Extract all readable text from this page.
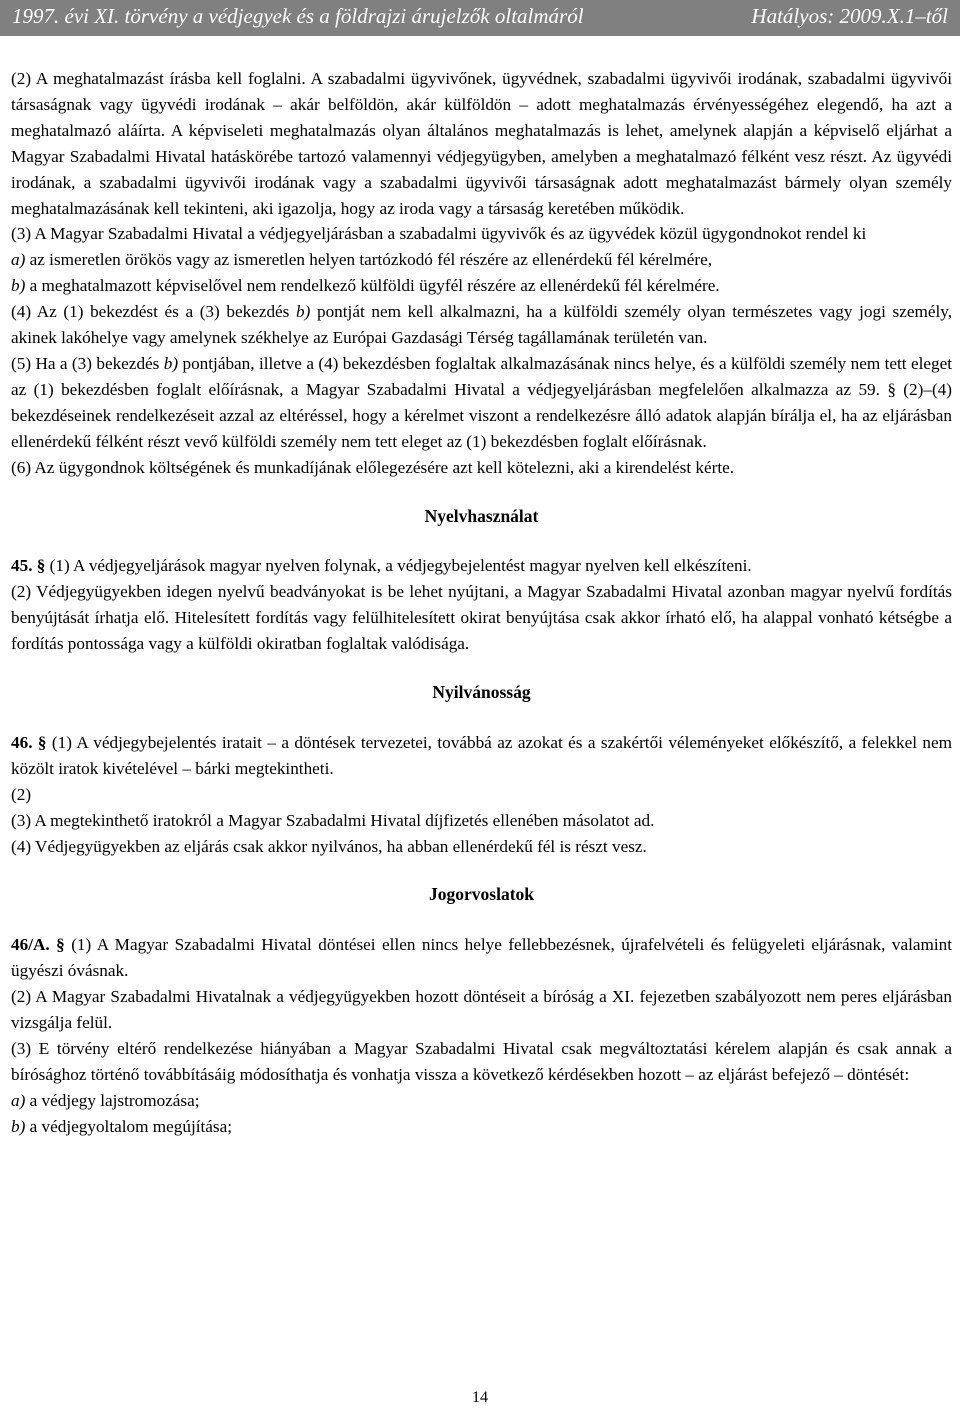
1997. évi XI. törvény a védjegyek és a földrajzi árujelzők oltalmáról	Hatályos: 2009.X.1–től

(2) A meghatalmazást írásba kell foglalni. A szabadalmi ügyvivőnek, ügyvédnek, szabadalmi ügyvivői irodának, szabadalmi ügyvivői társaságnak vagy ügyvédi irodának – akár belföldön, akár külföldön – adott meghatalmazás érvényességéhez elegendő, ha azt a meghatalmazó aláírta. A képviseleti meghatalmazás olyan általános meghatalmazás is lehet, amelynek alapján a képviselő eljárhat a Magyar Szabadalmi Hivatal hatáskörébe tartozó valamennyi védjegyügyben, amelyben a meghatalmazó félként vesz részt. Az ügyvédi irodának, a szabadalmi ügyvivői irodának vagy a szabadalmi ügyvivői társaságnak adott meghatalmazást bármely olyan személy meghatalmazásának kell tekinteni, aki igazolja, hogy az iroda vagy a társaság keretében működik.

(3) A Magyar Szabadalmi Hivatal a védjegyeljárásban a szabadalmi ügyvivők és az ügyvédek közül ügygondnokot rendel ki

a) az ismeretlen örökös vagy az ismeretlen helyen tartózkodó fél részére az ellenérdekű fél kérelmére,

b) a meghatalmazott képviselővel nem rendelkező külföldi ügyfél részére az ellenérdekű fél kérelmére.

(4) Az (1) bekezdést és a (3) bekezdés b) pontját nem kell alkalmazni, ha a külföldi személy olyan természetes vagy jogi személy, akinek lakóhelye vagy amelynek székhelye az Európai Gazdasági Térség tagállamának területén van.

(5) Ha a (3) bekezdés b) pontjában, illetve a (4) bekezdésben foglaltak alkalmazásának nincs helye, és a külföldi személy nem tett eleget az (1) bekezdésben foglalt előírásnak, a Magyar Szabadalmi Hivatal a védjegyeljárásban megfelelően alkalmazza az 59. § (2)–(4) bekezdéseinek rendelkezéseit azzal az eltéréssel, hogy a kérelmet viszont a rendelkezésre álló adatok alapján bírálja el, ha az eljárásban ellenérdekű félként részt vevő külföldi személy nem tett eleget az (1) bekezdésben foglalt előírásnak.

(6) Az ügygondnok költségének és munkadíjának előlegezésére azt kell kötelezni, aki a kirendelést kérte.

Nyelvhasználat

45. § (1) A védjegyeljárások magyar nyelven folynak, a védjegybejelentést magyar nyelven kell elkészíteni.

(2) Védjegyügyekben idegen nyelvű beadványokat is be lehet nyújtani, a Magyar Szabadalmi Hivatal azonban magyar nyelvű fordítás benyújtását írhatja elő. Hitelesített fordítás vagy felülhitelesített okirat benyújtása csak akkor írható elő, ha alappal vonható kétségbe a fordítás pontossága vagy a külföldi okiratban foglaltak valódisága.

Nyilvánosság

46. § (1) A védjegybejelentés iratait – a döntések tervezetei, továbbá az azokat és a szakértői véleményeket előkészítő, a felekkel nem közölt iratok kivételével – bárki megtekintheti.

(2)

(3) A megtekinthető iratokról a Magyar Szabadalmi Hivatal díjfizetés ellenében másolatot ad.

(4) Védjegyügyekben az eljárás csak akkor nyilvános, ha abban ellenérdekű fél is részt vesz.

Jogorvoslatok

46/A. § (1) A Magyar Szabadalmi Hivatal döntései ellen nincs helye fellebbezésnek, újrafelvételi és felügyeleti eljárásnak, valamint ügyészi óvásnak.

(2) A Magyar Szabadalmi Hivatalnak a védjegyügyekben hozott döntéseit a bíróság a XI. fejezetben szabályozott nem peres eljárásban vizsgálja felül.

(3) E törvény eltérő rendelkezése hiányában a Magyar Szabadalmi Hivatal csak megváltoztatási kérelem alapján és csak annak a bírósághoz történő továbbításáig módosíthatja és vonhatja vissza a következő kérdésekben hozott – az eljárást befejező – döntését:

a) a védjegy lajstromozása;

b) a védjegyoltalom megújítása;

14
